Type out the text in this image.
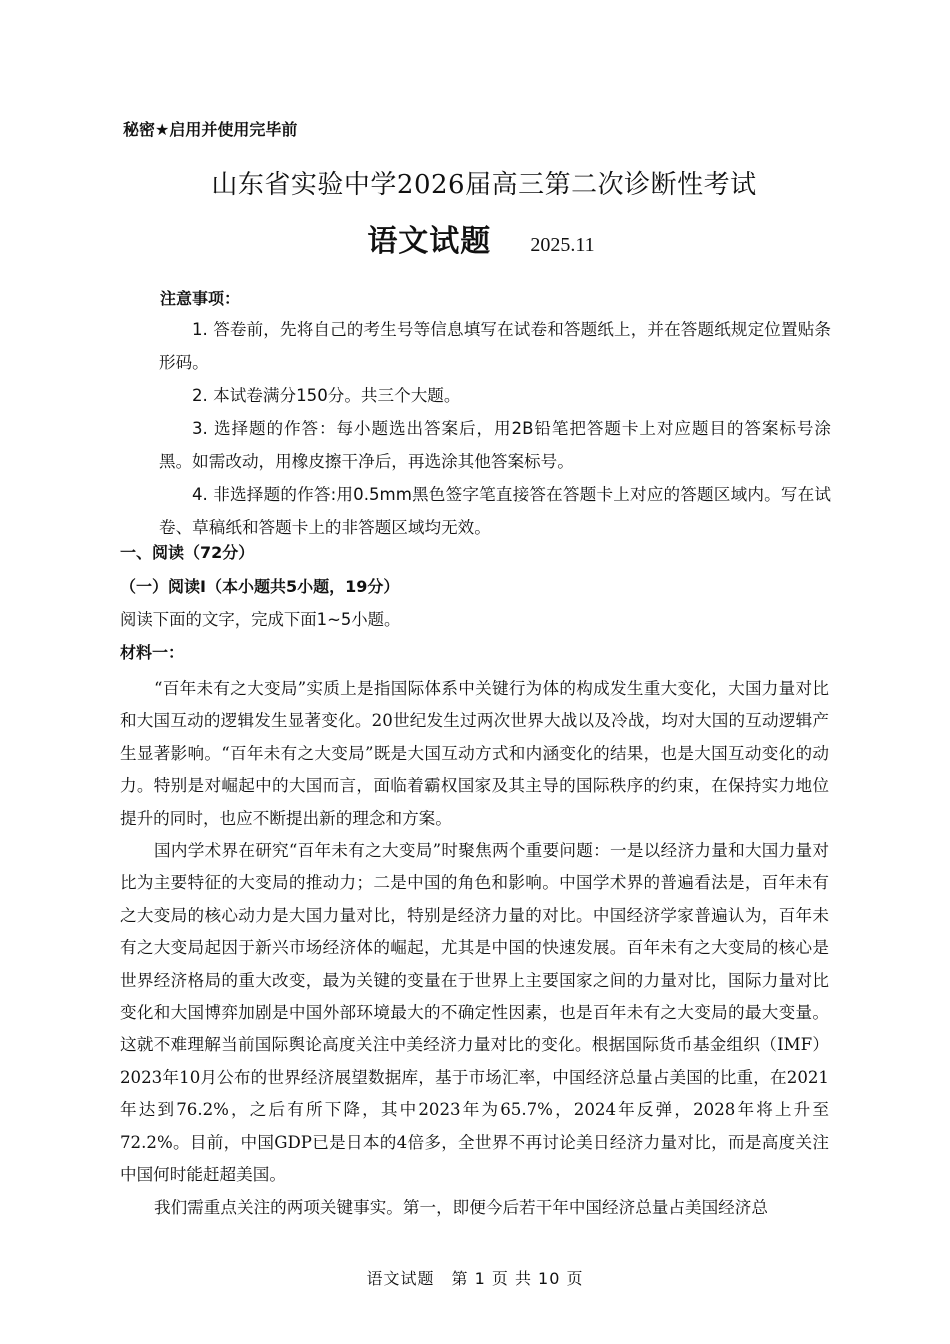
秘密★启用并使用完毕前
山东省实验中学2026届高三第二次诊断性考试
语文试题 2025.11
注意事项：
1. 答卷前，先将自己的考生号等信息填写在试卷和答题纸上，并在答题纸规定位置贴条形码。
2. 本试卷满分150分。共三个大题。
3. 选择题的作答：每小题选出答案后，用2B铅笔把答题卡上对应题目的答案标号涂黑。如需改动，用橡皮擦干净后，再选涂其他答案标号。
4. 非选择题的作答:用0.5mm黑色签字笔直接答在答题卡上对应的答题区域内。写在试卷、草稿纸和答题卡上的非答题区域均无效。
一、阅读（72分）
（一）阅读Ⅰ（本小题共5小题，19分）
阅读下面的文字，完成下面1~5小题。
材料一：

“百年未有之大变局”实质上是指国际体系中关键行为体的构成发生重大变化，大国力量对比和大国互动的逻辑发生显著变化。20世纪发生过两次世界大战以及冷战，均对大国的互动逻辑产生显著影响。“百年未有之大变局”既是大国互动方式和内涵变化的结果，也是大国互动变化的动力。特别是对崛起中的大国而言，面临着霸权国家及其主导的国际秩序的约束，在保持实力地位提升的同时，也应不断提出新的理念和方案。

国内学术界在研究“百年未有之大变局”时聚焦两个重要问题：一是以经济力量和大国力量对比为主要特征的大变局的推动力；二是中国的角色和影响。中国学术界的普遍看法是，百年未有之大变局的核心动力是大国力量对比，特别是经济力量的对比。中国经济学家普遍认为，百年未有之大变局起因于新兴市场经济体的崛起，尤其是中国的快速发展。百年未有之大变局的核心是世界经济格局的重大改变，最为关键的变量在于世界上主要国家之间的力量对比，国际力量对比变化和大国博弈加剧是中国外部环境最大的不确定性因素，也是百年未有之大变局的最大变量。这就不难理解当前国际舆论高度关注中美经济力量对比的变化。根据国际货币基金组织（IMF）2023年10月公布的世界经济展望数据库，基于市场汇率，中国经济总量占美国的比重，在2021年达到76.2%，之后有所下降，其中2023年为65.7%，2024年反弹，2028年将上升至72.2%。目前，中国GDP已是日本的4倍多，全世界不再讨论美日经济力量对比，而是高度关注中国何时能赶超美国。

我们需重点关注的两项关键事实。第一，即便今后若干年中国经济总量占美国经济总

语文试题　第 1 页 共 10 页
